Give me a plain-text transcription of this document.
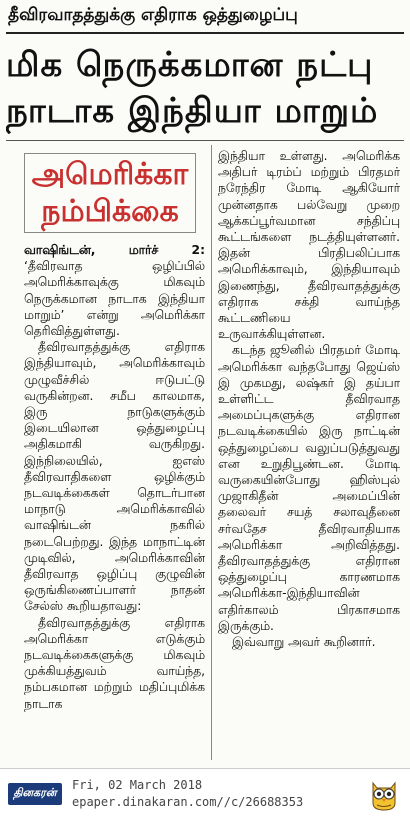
தீவிரவாதத்துக்கு எதிராக ஒத்துழைப்பு
மிக நெருக்கமான நட்பு
நாடாக இந்தியா மாறும்
அமெரிக்கா
நம்பிக்கை

வாஷிங்டன், மார்ச் 2: ‘தீவிரவாத ஒழிப்பில் அமெரிக்காவுக்கு மிகவும் நெருக்கமான நாடாக இந்தியா மாறும்’ என்று அமெரிக்கா தெரிவித்துள்ளது.

தீவிரவாதத்துக்கு எதிராக இந்தியாவும், அமெரிக்காவும் முழுவீச்சில் ஈடுபட்டு வருகின்றன. சமீப காலமாக, இரு நாடுகளுக்கும் இடையிலான ஒத்துழைப்பு அதிகமாகி வருகிறது. இந்நிலையில், ஐஎஸ் தீவிரவாதிகளை ஒழிக்கும் நடவடிக்கைகள் தொடர்பான மாநாடு அமெரிக்காவில் வாஷிங்டன் நகரில் நடைபெற்றது. இந்த மாநாட்டின் முடிவில், அமெரிக்காவின் தீவிரவாத ஒழிப்பு குழுவின் ஒருங்கிணைப்பாளர் நாதன் சேல்ஸ் கூறியதாவது:

தீவிரவாதத்துக்கு எதிராக அமெரிக்கா எடுக்கும் நடவடிக்கைகளுக்கு மிகவும் முக்கியத்துவம் வாய்ந்த, நம்பகமான மற்றும் மதிப்புமிக்க நாடாக

இந்தியா உள்ளது. அமெரிக்க அதிபர் டிரம்ப் மற்றும் பிரதமர் நரேந்திர மோடி ஆகியோர் முன்னதாக பல்வேறு முறை ஆக்கப்பூர்வமான சந்திப்பு கூட்டங்களை நடத்தியுள்ளனர். இதன் பிரதிபலிப்பாக அமெரிக்காவும், இந்தியாவும் இணைந்து, தீவிரவாதத்துக்கு எதிராக சக்தி வாய்ந்த கூட்டணியை உருவாக்கியுள்ளன.

கடந்த ஜூனில் பிரதமர் மோடி அமெரிக்கா வந்தபோது ஜெய்ஸ் இ முகமது, லஷ்கர் இ தய்பா உள்ளிட்ட தீவிரவாத அமைப்புகளுக்கு எதிரான நடவடிக்கையில் இரு நாட்டின் ஒத்துழைப்பை வலுப்படுத்துவது என உறுதிபூண்டன. மோடி வருகையின்போது ஹிஸ்புல் முஜாகிதீன் அமைப்பின் தலைவர் சயத் சலாவுதீனை சர்வதேச தீவிரவாதியாக அமெரிக்கா அறிவித்தது. தீவிரவாதத்துக்கு எதிரான ஒத்துழைப்பு காரணமாக அமெரிக்கா-இந்தியாவின் எதிர்காலம் பிரகாசமாக இருக்கும்.

இவ்வாறு அவர் கூறினார்.

தினகரன்
Fri, 02 March 2018
epaper.dinakaran.com//c/26688353
